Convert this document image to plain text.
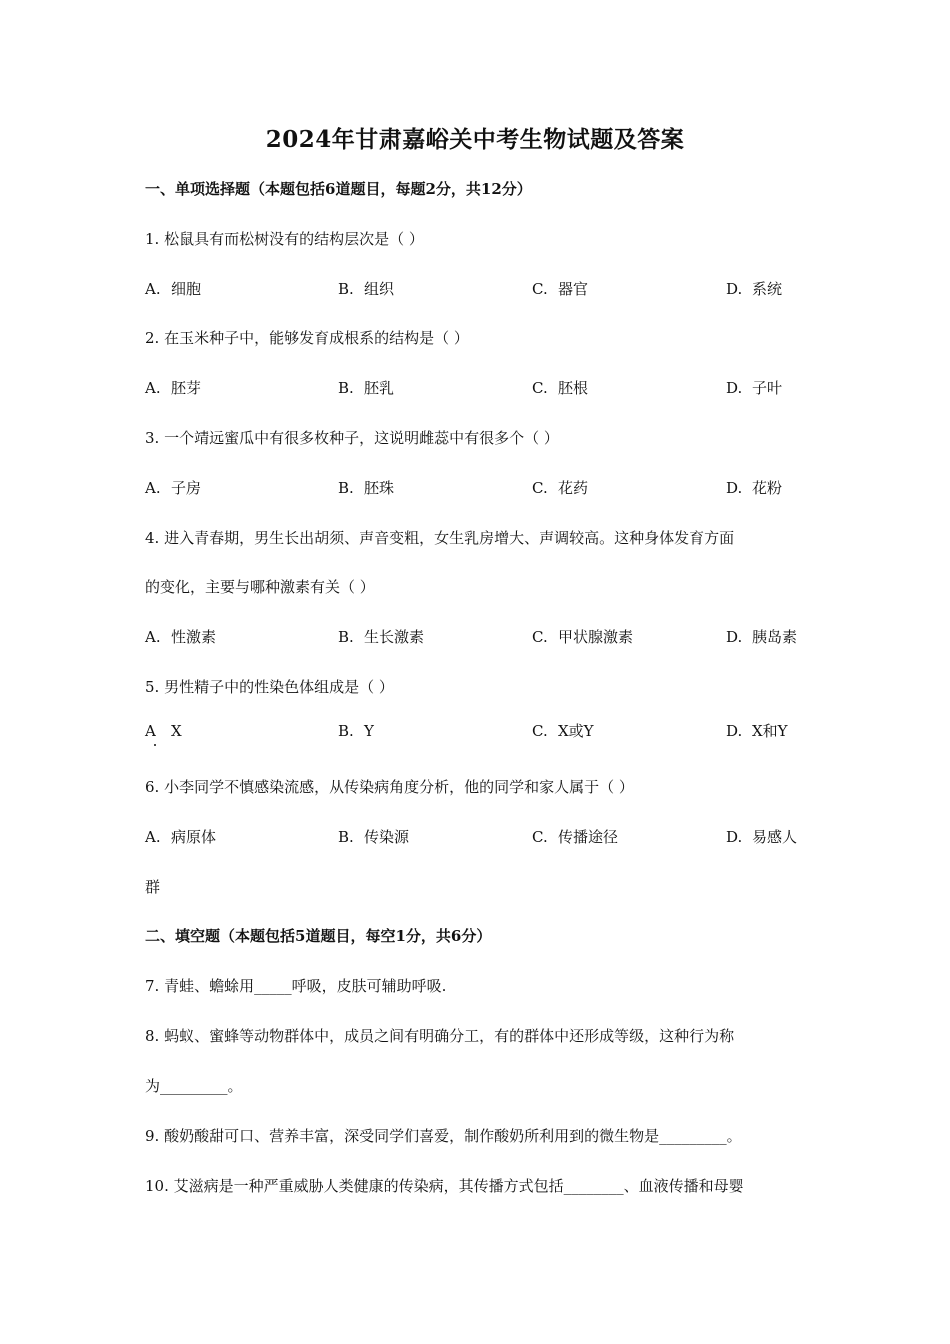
2024年甘肃嘉峪关中考生物试题及答案
一、单项选择题（本题包括6道题目，每题2分，共12分）
1. 松鼠具有而松树没有的结构层次是（ ）
A. 细胞	B. 组织	C. 器官	D. 系统
2. 在玉米种子中，能够发育成根系的结构是（ ）
A. 胚芽	B. 胚乳	C. 胚根	D. 子叶
3. 一个靖远蜜瓜中有很多枚种子，这说明雌蕊中有很多个（ ）
A. 子房	B. 胚珠	C. 花药	D. 花粉
4. 进入青春期，男生长出胡须、声音变粗，女生乳房增大、声调较高。这种身体发育方面
的变化，主要与哪种激素有关（ ）
A. 性激素	B. 生长激素	C. 甲状腺激素	D. 胰岛素
5. 男性精子中的性染色体组成是（ ）
A X	B. Y	C. X或Y	D. X和Y
6. 小李同学不慎感染流感，从传染病角度分析，他的同学和家人属于（ ）
A. 病原体	B. 传染源	C. 传播途径	D. 易感人
群
二、填空题（本题包括5道题目，每空1分，共6分）
7. 青蛙、蟾蜍用_____呼吸，皮肤可辅助呼吸.
8. 蚂蚁、蜜蜂等动物群体中，成员之间有明确分工，有的群体中还形成等级，这种行为称
为_________。
9. 酸奶酸甜可口、营养丰富，深受同学们喜爱，制作酸奶所利用到的微生物是_________。
10. 艾滋病是一种严重威胁人类健康的传染病，其传播方式包括________、血液传播和母婴
